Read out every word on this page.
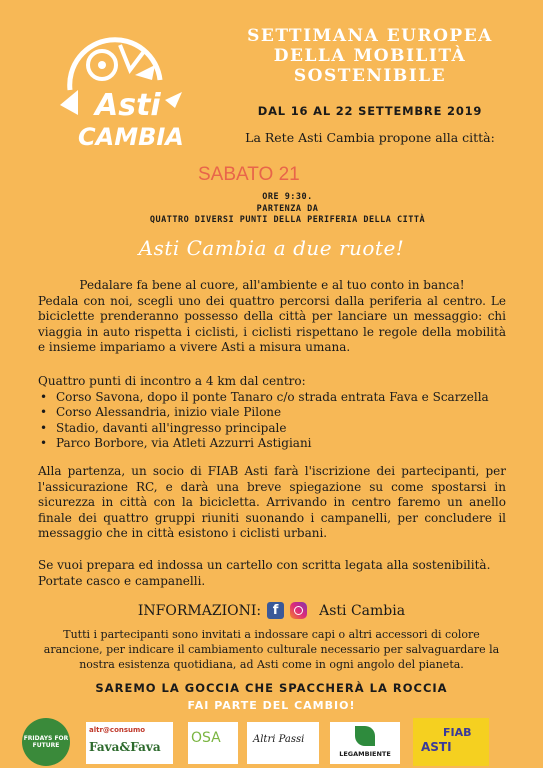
Asti
CAMBIA
SETTIMANA EUROPEA
DELLA MOBILITÀ
SOSTENIBILE
DAL 16 AL 22 SETTEMBRE 2019
La Rete Asti Cambia propone alla città:
SABATO 21
ORE 9:30.
PARTENZA DA
QUATTRO DIVERSI PUNTI DELLA PERIFERIA DELLA CITTÀ
Asti Cambia a due ruote!
Pedalare fa bene al cuore, all'ambiente e al tuo conto in banca!
Pedala con noi, scegli uno dei quattro percorsi dalla periferia al centro. Le biciclette prenderanno possesso della città per lanciare un messaggio: chi viaggia in auto rispetta i ciclisti, i ciclisti rispettano le regole della mobilità e insieme impariamo a vivere Asti a misura umana.
Quattro punti di incontro a 4 km dal centro:
• Corso Savona, dopo il ponte Tanaro c/o strada entrata Fava e Scarzella
• Corso Alessandria, inizio viale Pilone
• Stadio, davanti all'ingresso principale
• Parco Borbore, via Atleti Azzurri Astigiani
Alla partenza, un socio di FIAB Asti farà l'iscrizione dei partecipanti, per l'assicurazione RC, e darà una breve spiegazione su come spostarsi in sicurezza in città con la bicicletta. Arrivando in centro faremo un anello finale dei quattro gruppi riuniti suonando i campanelli, per concludere il messaggio che in città esistono i ciclisti urbani.
Se vuoi prepara ed indossa un cartello con scritta legata alla sostenibilità.
Portate casco e campanelli.
INFORMAZIONI: f	Asti Cambia
Tutti i partecipanti sono invitati a indossare capi o altri accessori di colore arancione, per indicare il cambiamento culturale necessario per salvaguardare la nostra esistenza quotidiana, ad Asti come in ogni angolo del pianeta.
SAREMO LA GOCCIA CHE SPACCHERÀ LA ROCCIA
FAI PARTE DEL CAMBIO!
FRIDAYS FOR FUTURE
altr@consumo
Fava&Fava
OSA	Altri Passi
LEGAMBIENTE
FIAB
ASTI
